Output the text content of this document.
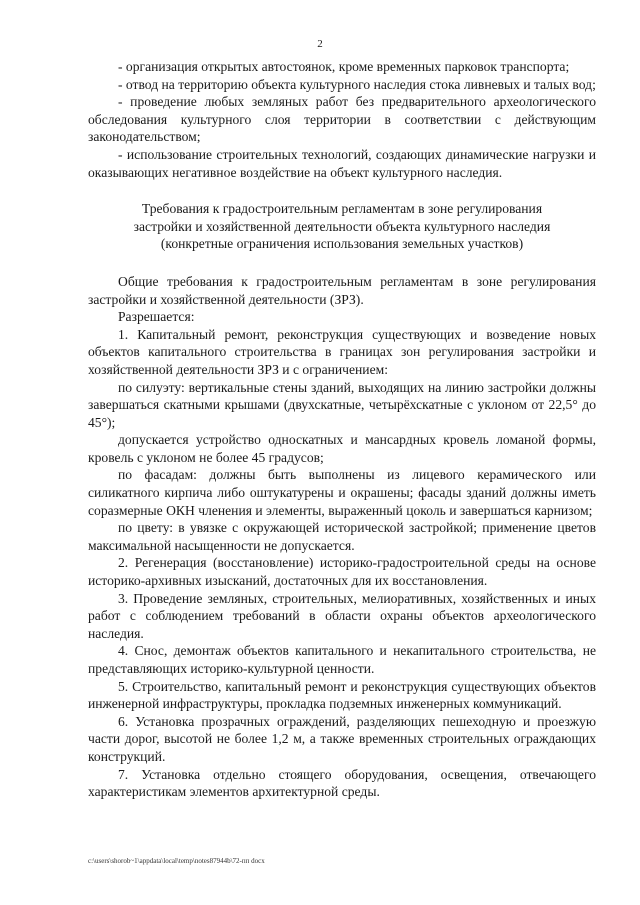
2

- организация открытых автостоянок, кроме временных парковок транспорта;

- отвод на территорию объекта культурного наследия стока ливневых и талых вод;

- проведение любых земляных работ без предварительного археологического обследования культурного слоя территории в соответствии с действующим законодательством;

- использование строительных технологий, создающих динамические нагрузки и оказывающих негативное воздействие на объект культурного наследия.

Требования к градостроительным регламентам в зоне регулирования

застройки и хозяйственной деятельности объекта культурного наследия

(конкретные ограничения использования земельных участков)

Общие требования к градостроительным регламентам в зоне регулирования застройки и хозяйственной деятельности (ЗРЗ).

Разрешается:

1. Капитальный ремонт, реконструкция существующих и возведение новых объектов капитального строительства в границах зон регулирования застройки и хозяйственной деятельности ЗРЗ и с ограничением:

по силуэту: вертикальные стены зданий, выходящих на линию застройки должны завершаться скатными крышами (двухскатные, четырёхскатные с уклоном от 22,5° до 45°);

допускается устройство односкатных и мансардных кровель ломаной формы, кровель с уклоном не более 45 градусов;

по фасадам: должны быть выполнены из лицевого керамического или силикатного кирпича либо оштукатурены и окрашены; фасады зданий должны иметь соразмерные ОКН членения и элементы, выраженный цоколь и завершаться карнизом;

по цвету: в увязке с окружающей исторической застройкой; применение цветов максимальной насыщенности не допускается.

2. Регенерация (восстановление) историко-градостроительной среды на основе историко-архивных изысканий, достаточных для их восстановления.

3. Проведение земляных, строительных, мелиоративных, хозяйственных и иных работ с соблюдением требований в области охраны объектов археологического наследия.

4. Снос, демонтаж объектов капитального и некапитального строительства, не представляющих историко-культурной ценности.

5. Строительство, капитальный ремонт и реконструкция существующих объектов инженерной инфраструктуры, прокладка подземных инженерных коммуникаций.

6. Установка прозрачных ограждений, разделяющих пешеходную и проезжую части дорог, высотой не более 1,2 м, а также временных строительных ограждающих конструкций.

7. Установка отдельно стоящего оборудования, освещения, отвечающего характеристикам элементов архитектурной среды.

c:\users\shorob~1\appdata\local\temp\notes87944b\72-пп docx
